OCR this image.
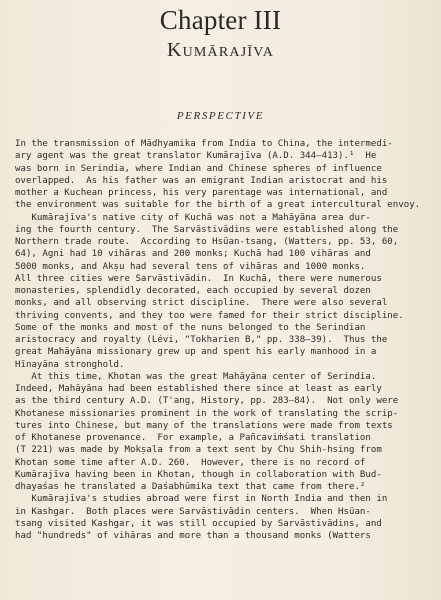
Chapter III
Kumārajīva
PERSPECTIVE
In the transmission of Mādhyamika from India to China, the intermedi-
ary agent was the great translator Kumārajīva (A.D. 344–413).¹  He
was born in Serindia, where Indian and Chinese spheres of influence
overlapped.  As his father was an emigrant Indian aristocrat and his
mother a Kuchean princess, his very parentage was international, and
the environment was suitable for the birth of a great intercultural envoy.
Kumārajīva's native city of Kuchā was not a Mahāyāna area dur-
ing the fourth century.  The Sarvāstivādins were established along the
Northern trade route.  According to Hsüan-tsang, (Watters, pp. 53, 60,
64), Agni had 10 vihāras and 200 monks; Kuchā had 100 vihāras and
5000 monks, and Akṣu had several tens of vihāras and 1000 monks.
All three cities were Sarvāstivādin.  In Kuchā, there were numerous
monasteries, splendidly decorated, each occupied by several dozen
monks, and all observing strict discipline.  There were also several
thriving convents, and they too were famed for their strict discipline.
Some of the monks and most of the nuns belonged to the Serindian
aristocracy and royalty (Lévi, "Tokharien B," pp. 338–39).  Thus the
great Mahāyāna missionary grew up and spent his early manhood in a
Hīnayāna stronghold.
At this time, Khotan was the great Mahāyāna center of Serindia.
Indeed, Mahāyāna had been established there since at least as early
as the third century A.D. (T'ang, History, pp. 283–84).  Not only were
Khotanese missionaries prominent in the work of translating the scrip-
tures into Chinese, but many of the translations were made from texts
of Khotanese provenance.  For example, a Pañcaviṁśati translation
(T 221) was made by Mokṣala from a text sent by Chu Shih-hsing from
Khotan some time after A.D. 260.  However, there is no record of
Kumārajīva having been in Khotan, though in collaboration with Bud-
dhayaśas he translated a Daśabhūmika text that came from there.²
Kumārajīva's studies abroad were first in North India and then in
in Kashgar.  Both places were Sarvāstivādin centers.  When Hsüan-
tsang visited Kashgar, it was still occupied by Sarvāstivādins, and
had "hundreds" of vihāras and more than a thousand monks (Watters
